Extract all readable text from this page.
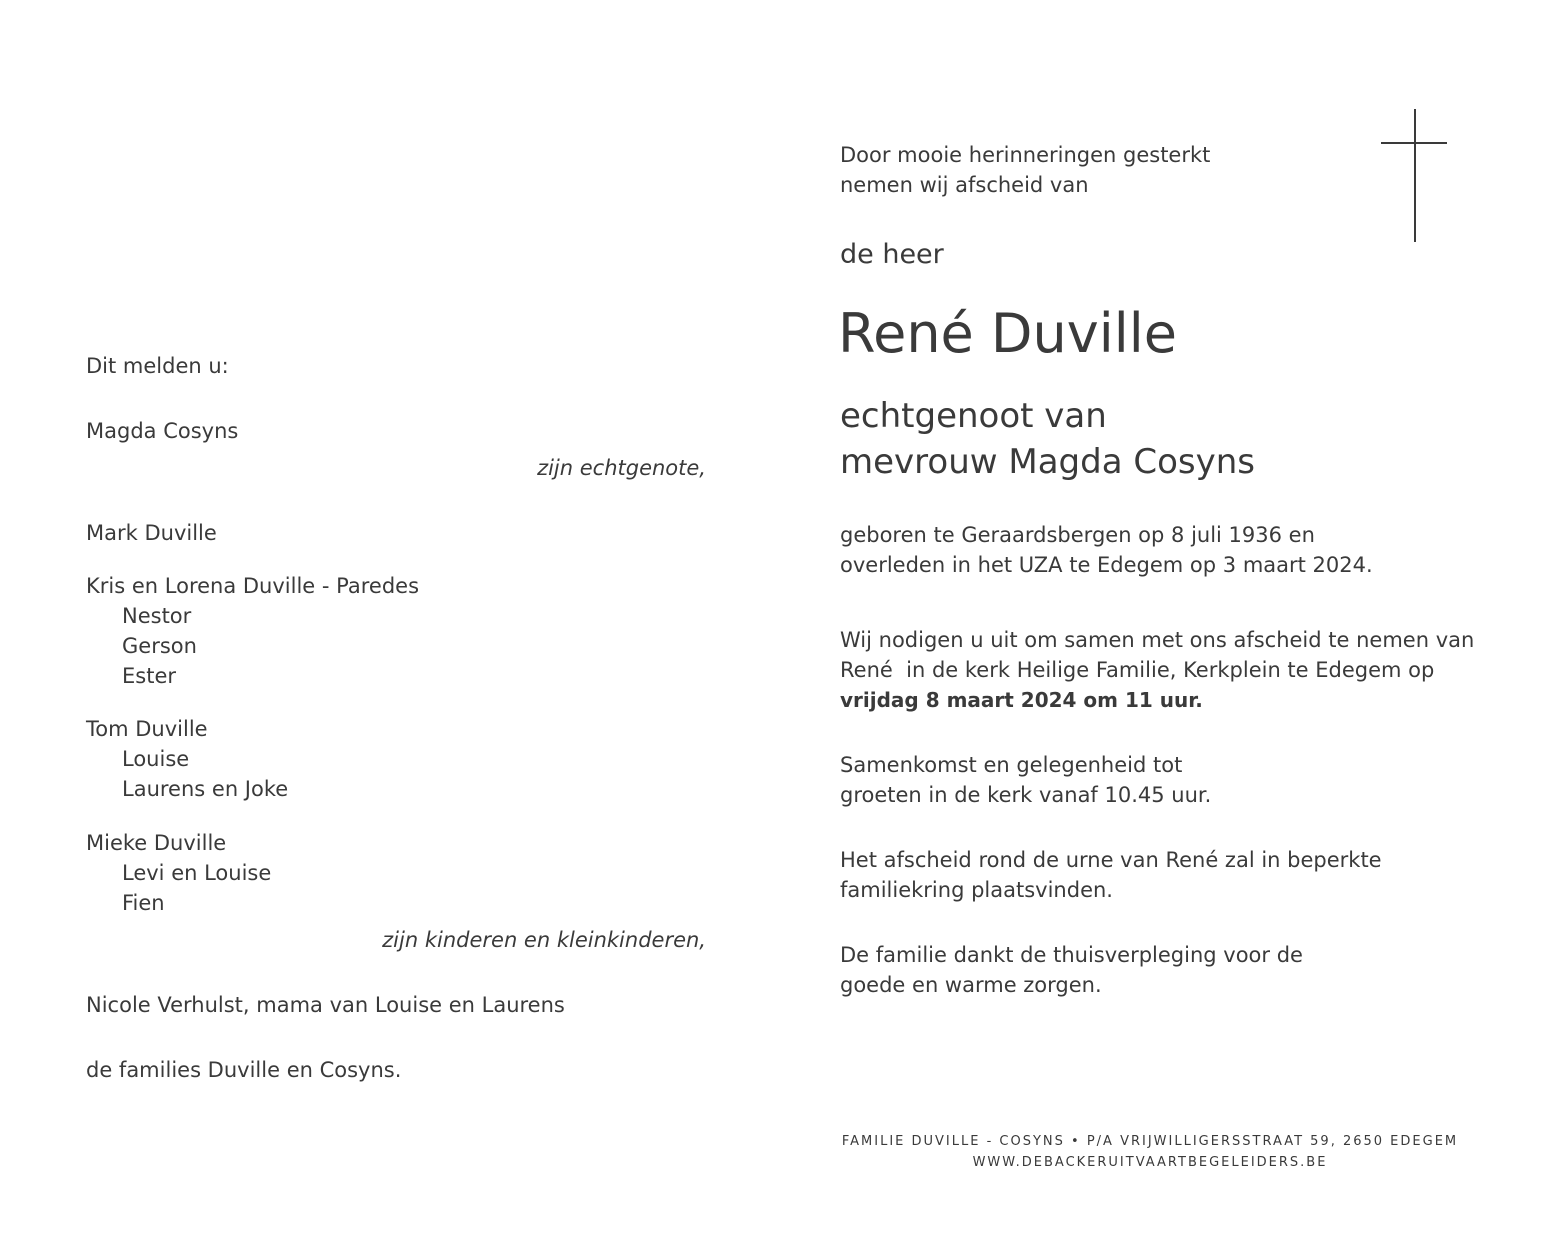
Dit melden u:
Magda Cosyns
zijn echtgenote,
Mark Duville
Kris en Lorena Duville - Paredes
Nestor
Gerson
Ester
Tom Duville
Louise
Laurens en Joke
Mieke Duville
Levi en Louise
Fien
zijn kinderen en kleinkinderen,
Nicole Verhulst, mama van Louise en Laurens
de families Duville en Cosyns.
Door mooie herinneringen gesterkt
nemen wij afscheid van
de heer
René Duville
echtgenoot van
mevrouw Magda Cosyns
geboren te Geraardsbergen op 8 juli 1936 en
overleden in het UZA te Edegem op 3 maart 2024.
Wij nodigen u uit om samen met ons afscheid te nemen van
René  in de kerk Heilige Familie, Kerkplein te Edegem op
vrijdag 8 maart 2024 om 11 uur.
Samenkomst en gelegenheid tot
groeten in de kerk vanaf 10.45 uur.
Het afscheid rond de urne van René zal in beperkte
familiekring plaatsvinden.
De familie dankt de thuisverpleging voor de
goede en warme zorgen.
FAMILIE DUVILLE - COSYNS • P/A VRIJWILLIGERSSTRAAT 59, 2650 EDEGEM
WWW.DEBACKERUITVAARTBEGELEIDERS.BE
